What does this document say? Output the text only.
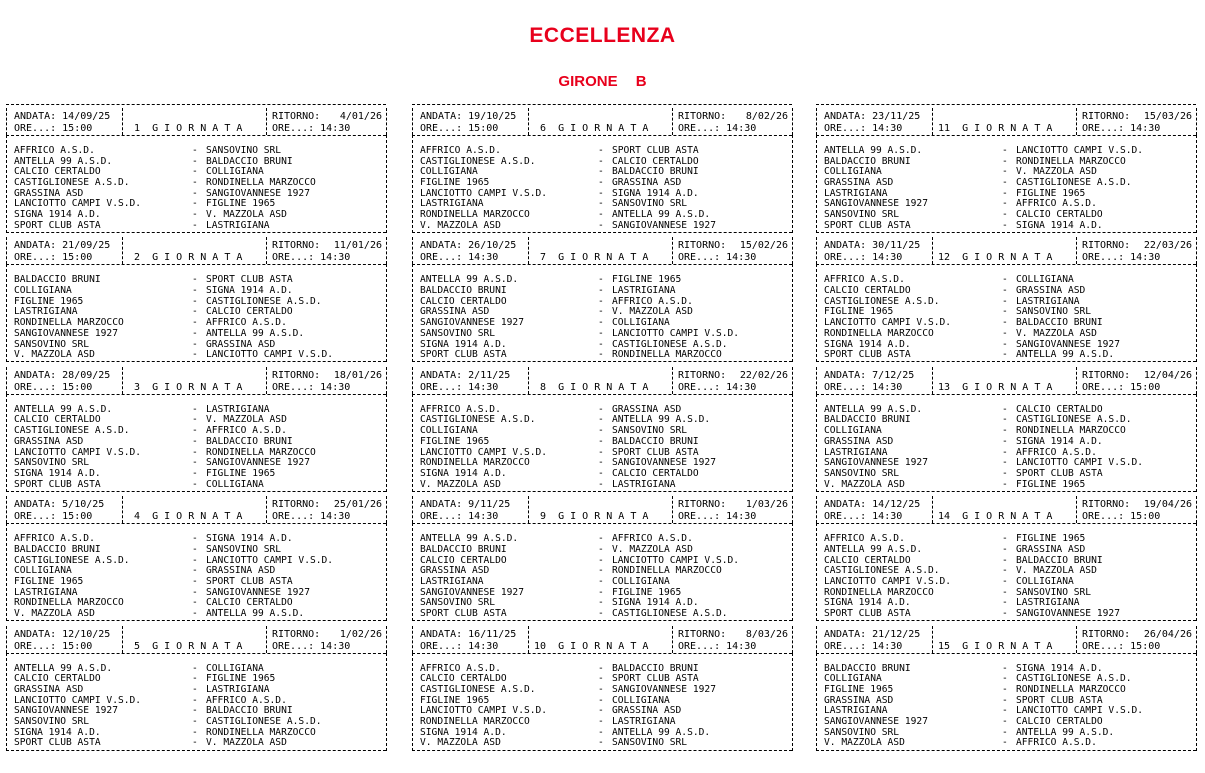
ECCELLENZA
GIRONE B
ANDATA: 14/09/25
ORE...: 15:00
RITORNO: 4/01/26
ORE...: 14:30
1  G I O R N A T A
AFFRICO A.S.D.	- SANSOVINO SRL
ANTELLA 99 A.S.D.	- BALDACCIO BRUNI
CALCIO CERTALDO	- COLLIGIANA
CASTIGLIONESE A.S.D.	- RONDINELLA MARZOCCO
GRASSINA ASD	- SANGIOVANNESE 1927
LANCIOTTO CAMPI V.S.D.	- FIGLINE 1965
SIGNA 1914 A.D.	- V. MAZZOLA ASD
SPORT CLUB ASTA	- LASTRIGIANA
ANDATA: 21/09/25
ORE...: 15:00
RITORNO: 11/01/26
ORE...: 14:30
2  G I O R N A T A
BALDACCIO BRUNI	- SPORT CLUB ASTA
COLLIGIANA	- SIGNA 1914 A.D.
FIGLINE 1965	- CASTIGLIONESE A.S.D.
LASTRIGIANA	- CALCIO CERTALDO
RONDINELLA MARZOCCO	- AFFRICO A.S.D.
SANGIOVANNESE 1927	- ANTELLA 99 A.S.D.
SANSOVINO SRL	- GRASSINA ASD
V. MAZZOLA ASD	- LANCIOTTO CAMPI V.S.D.
ANDATA: 28/09/25
ORE...: 15:00
RITORNO: 18/01/26
ORE...: 14:30
3  G I O R N A T A
ANTELLA 99 A.S.D.	- LASTRIGIANA
CALCIO CERTALDO	- V. MAZZOLA ASD
CASTIGLIONESE A.S.D.	- AFFRICO A.S.D.
GRASSINA ASD	- BALDACCIO BRUNI
LANCIOTTO CAMPI V.S.D.	- RONDINELLA MARZOCCO
SANSOVINO SRL	- SANGIOVANNESE 1927
SIGNA 1914 A.D.	- FIGLINE 1965
SPORT CLUB ASTA	- COLLIGIANA
ANDATA: 5/10/25
ORE...: 15:00
RITORNO: 25/01/26
ORE...: 14:30
4  G I O R N A T A
AFFRICO A.S.D.	- SIGNA 1914 A.D.
BALDACCIO BRUNI	- SANSOVINO SRL
CASTIGLIONESE A.S.D.	- LANCIOTTO CAMPI V.S.D.
COLLIGIANA	- GRASSINA ASD
FIGLINE 1965	- SPORT CLUB ASTA
LASTRIGIANA	- SANGIOVANNESE 1927
RONDINELLA MARZOCCO	- CALCIO CERTALDO
V. MAZZOLA ASD	- ANTELLA 99 A.S.D.
ANDATA: 12/10/25
ORE...: 15:00
RITORNO: 1/02/26
ORE...: 14:30
5  G I O R N A T A
ANTELLA 99 A.S.D.	- COLLIGIANA
CALCIO CERTALDO	- FIGLINE 1965
GRASSINA ASD	- LASTRIGIANA
LANCIOTTO CAMPI V.S.D.	- AFFRICO A.S.D.
SANGIOVANNESE 1927	- BALDACCIO BRUNI
SANSOVINO SRL	- CASTIGLIONESE A.S.D.
SIGNA 1914 A.D.	- RONDINELLA MARZOCCO
SPORT CLUB ASTA	- V. MAZZOLA ASD
ANDATA: 19/10/25
ORE...: 15:00
RITORNO: 8/02/26
ORE...: 14:30
6  G I O R N A T A
AFFRICO A.S.D.	- SPORT CLUB ASTA
CASTIGLIONESE A.S.D.	- CALCIO CERTALDO
COLLIGIANA	- BALDACCIO BRUNI
FIGLINE 1965	- GRASSINA ASD
LANCIOTTO CAMPI V.S.D.	- SIGNA 1914 A.D.
LASTRIGIANA	- SANSOVINO SRL
RONDINELLA MARZOCCO	- ANTELLA 99 A.S.D.
V. MAZZOLA ASD	- SANGIOVANNESE 1927
ANDATA: 26/10/25
ORE...: 14:30
RITORNO: 15/02/26
ORE...: 14:30
7  G I O R N A T A
ANTELLA 99 A.S.D.	- FIGLINE 1965
BALDACCIO BRUNI	- LASTRIGIANA
CALCIO CERTALDO	- AFFRICO A.S.D.
GRASSINA ASD	- V. MAZZOLA ASD
SANGIOVANNESE 1927	- COLLIGIANA
SANSOVINO SRL	- LANCIOTTO CAMPI V.S.D.
SIGNA 1914 A.D.	- CASTIGLIONESE A.S.D.
SPORT CLUB ASTA	- RONDINELLA MARZOCCO
ANDATA: 2/11/25
ORE...: 14:30
RITORNO: 22/02/26
ORE...: 14:30
8  G I O R N A T A
AFFRICO A.S.D.	- GRASSINA ASD
CASTIGLIONESE A.S.D.	- ANTELLA 99 A.S.D.
COLLIGIANA	- SANSOVINO SRL
FIGLINE 1965	- BALDACCIO BRUNI
LANCIOTTO CAMPI V.S.D.	- SPORT CLUB ASTA
RONDINELLA MARZOCCO	- SANGIOVANNESE 1927
SIGNA 1914 A.D.	- CALCIO CERTALDO
V. MAZZOLA ASD	- LASTRIGIANA
ANDATA: 9/11/25
ORE...: 14:30
RITORNO: 1/03/26
ORE...: 14:30
9  G I O R N A T A
ANTELLA 99 A.S.D.	- AFFRICO A.S.D.
BALDACCIO BRUNI	- V. MAZZOLA ASD
CALCIO CERTALDO	- LANCIOTTO CAMPI V.S.D.
GRASSINA ASD	- RONDINELLA MARZOCCO
LASTRIGIANA	- COLLIGIANA
SANGIOVANNESE 1927	- FIGLINE 1965
SANSOVINO SRL	- SIGNA 1914 A.D.
SPORT CLUB ASTA	- CASTIGLIONESE A.S.D.
ANDATA: 16/11/25
ORE...: 14:30
RITORNO: 8/03/26
ORE...: 14:30
10  G I O R N A T A
AFFRICO A.S.D.	- BALDACCIO BRUNI
CALCIO CERTALDO	- SPORT CLUB ASTA
CASTIGLIONESE A.S.D.	- SANGIOVANNESE 1927
FIGLINE 1965	- COLLIGIANA
LANCIOTTO CAMPI V.S.D.	- GRASSINA ASD
RONDINELLA MARZOCCO	- LASTRIGIANA
SIGNA 1914 A.D.	- ANTELLA 99 A.S.D.
V. MAZZOLA ASD	- SANSOVINO SRL
ANDATA: 23/11/25
ORE...: 14:30
RITORNO: 15/03/26
ORE...: 14:30
11  G I O R N A T A
ANTELLA 99 A.S.D.	- LANCIOTTO CAMPI V.S.D.
BALDACCIO BRUNI	- RONDINELLA MARZOCCO
COLLIGIANA	- V. MAZZOLA ASD
GRASSINA ASD	- CASTIGLIONESE A.S.D.
LASTRIGIANA	- FIGLINE 1965
SANGIOVANNESE 1927	- AFFRICO A.S.D.
SANSOVINO SRL	- CALCIO CERTALDO
SPORT CLUB ASTA	- SIGNA 1914 A.D.
ANDATA: 30/11/25
ORE...: 14:30
RITORNO: 22/03/26
ORE...: 14:30
12  G I O R N A T A
AFFRICO A.S.D.	- COLLIGIANA
CALCIO CERTALDO	- GRASSINA ASD
CASTIGLIONESE A.S.D.	- LASTRIGIANA
FIGLINE 1965	- SANSOVINO SRL
LANCIOTTO CAMPI V.S.D.	- BALDACCIO BRUNI
RONDINELLA MARZOCCO	- V. MAZZOLA ASD
SIGNA 1914 A.D.	- SANGIOVANNESE 1927
SPORT CLUB ASTA	- ANTELLA 99 A.S.D.
ANDATA: 7/12/25
ORE...: 14:30
RITORNO: 12/04/26
ORE...: 15:00
13  G I O R N A T A
ANTELLA 99 A.S.D.	- CALCIO CERTALDO
BALDACCIO BRUNI	- CASTIGLIONESE A.S.D.
COLLIGIANA	- RONDINELLA MARZOCCO
GRASSINA ASD	- SIGNA 1914 A.D.
LASTRIGIANA	- AFFRICO A.S.D.
SANGIOVANNESE 1927	- LANCIOTTO CAMPI V.S.D.
SANSOVINO SRL	- SPORT CLUB ASTA
V. MAZZOLA ASD	- FIGLINE 1965
ANDATA: 14/12/25
ORE...: 14:30
RITORNO: 19/04/26
ORE...: 15:00
14  G I O R N A T A
AFFRICO A.S.D.	- FIGLINE 1965
ANTELLA 99 A.S.D.	- GRASSINA ASD
CALCIO CERTALDO	- BALDACCIO BRUNI
CASTIGLIONESE A.S.D.	- V. MAZZOLA ASD
LANCIOTTO CAMPI V.S.D.	- COLLIGIANA
RONDINELLA MARZOCCO	- SANSOVINO SRL
SIGNA 1914 A.D.	- LASTRIGIANA
SPORT CLUB ASTA	- SANGIOVANNESE 1927
ANDATA: 21/12/25
ORE...: 14:30
RITORNO: 26/04/26
ORE...: 15:00
15  G I O R N A T A
BALDACCIO BRUNI	- SIGNA 1914 A.D.
COLLIGIANA	- CASTIGLIONESE A.S.D.
FIGLINE 1965	- RONDINELLA MARZOCCO
GRASSINA ASD	- SPORT CLUB ASTA
LASTRIGIANA	- LANCIOTTO CAMPI V.S.D.
SANGIOVANNESE 1927	- CALCIO CERTALDO
SANSOVINO SRL	- ANTELLA 99 A.S.D.
V. MAZZOLA ASD	- AFFRICO A.S.D.
